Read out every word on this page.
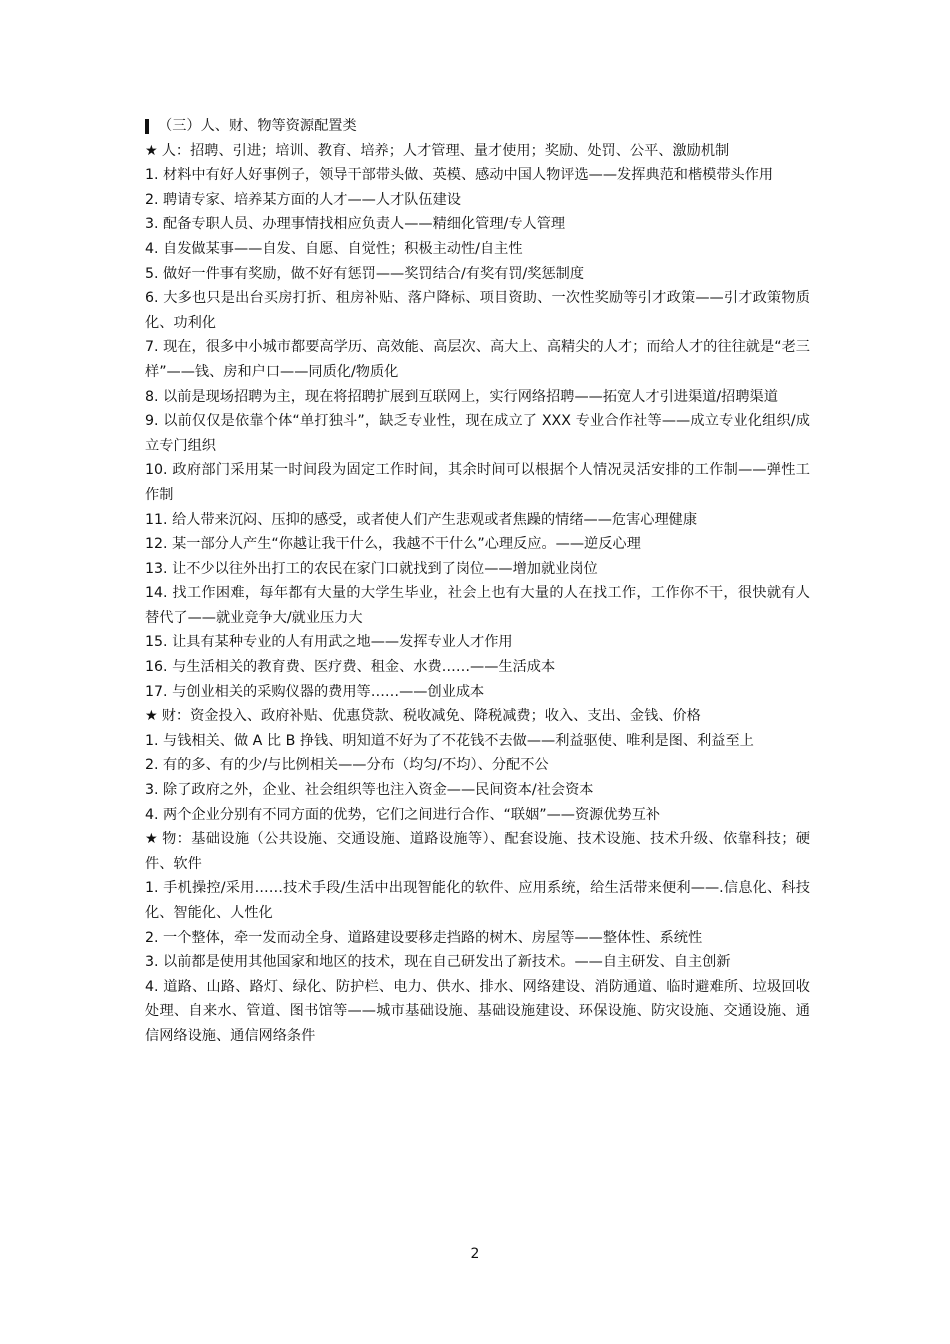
（三）人、财、物等资源配置类
★ 人：招聘、引进；培训、教育、培养；人才管理、量才使用；奖励、处罚、公平、激励机制
1. 材料中有好人好事例子，领导干部带头做、英模、感动中国人物评选——发挥典范和楷模带头作用
2. 聘请专家、培养某方面的人才——人才队伍建设
3. 配备专职人员、办理事情找相应负责人——精细化管理/专人管理
4. 自发做某事——自发、自愿、自觉性；积极主动性/自主性
5. 做好一件事有奖励，做不好有惩罚——奖罚结合/有奖有罚/奖惩制度
6. 大多也只是出台买房打折、租房补贴、落户降标、项目资助、一次性奖励等引才政策——引才政策物质化、功利化
7. 现在，很多中小城市都要高学历、高效能、高层次、高大上、高精尖的人才；而给人才的往往就是“老三样”——钱、房和户口——同质化/物质化
8. 以前是现场招聘为主，现在将招聘扩展到互联网上，实行网络招聘——拓宽人才引进渠道/招聘渠道
9. 以前仅仅是依靠个体“单打独斗”，缺乏专业性，现在成立了 XXX 专业合作社等——成立专业化组织/成立专门组织
10. 政府部门采用某一时间段为固定工作时间，其余时间可以根据个人情况灵活安排的工作制——弹性工作制
11. 给人带来沉闷、压抑的感受，或者使人们产生悲观或者焦躁的情绪——危害心理健康
12. 某一部分人产生“你越让我干什么，我越不干什么”心理反应。——逆反心理
13. 让不少以往外出打工的农民在家门口就找到了岗位——增加就业岗位
14. 找工作困难，每年都有大量的大学生毕业，社会上也有大量的人在找工作，工作你不干，很快就有人替代了——就业竞争大/就业压力大
15. 让具有某种专业的人有用武之地——发挥专业人才作用
16. 与生活相关的教育费、医疗费、租金、水费……——生活成本
17. 与创业相关的采购仪器的费用等……——创业成本
★ 财：资金投入、政府补贴、优惠贷款、税收减免、降税减费；收入、支出、金钱、价格
1. 与钱相关、做 A 比 B 挣钱、明知道不好为了不花钱不去做——利益驱使、唯利是图、利益至上
2. 有的多、有的少/与比例相关——分布（均匀/不均）、分配不公
3. 除了政府之外，企业、社会组织等也注入资金——民间资本/社会资本
4. 两个企业分别有不同方面的优势，它们之间进行合作、“联姻”——资源优势互补
★ 物：基础设施（公共设施、交通设施、道路设施等）、配套设施、技术设施、技术升级、依靠科技；硬件、软件
1. 手机操控/采用……技术手段/生活中出现智能化的软件、应用系统，给生活带来便利——.信息化、科技化、智能化、人性化
2. 一个整体，牵一发而动全身、道路建设要移走挡路的树木、房屋等——整体性、系统性
3. 以前都是使用其他国家和地区的技术，现在自己研发出了新技术。——自主研发、自主创新
4. 道路、山路、路灯、绿化、防护栏、电力、供水、排水、网络建设、消防通道、临时避难所、垃圾回收处理、自来水、管道、图书馆等——城市基础设施、基础设施建设、环保设施、防灾设施、交通设施、通信网络设施、通信网络条件
2
